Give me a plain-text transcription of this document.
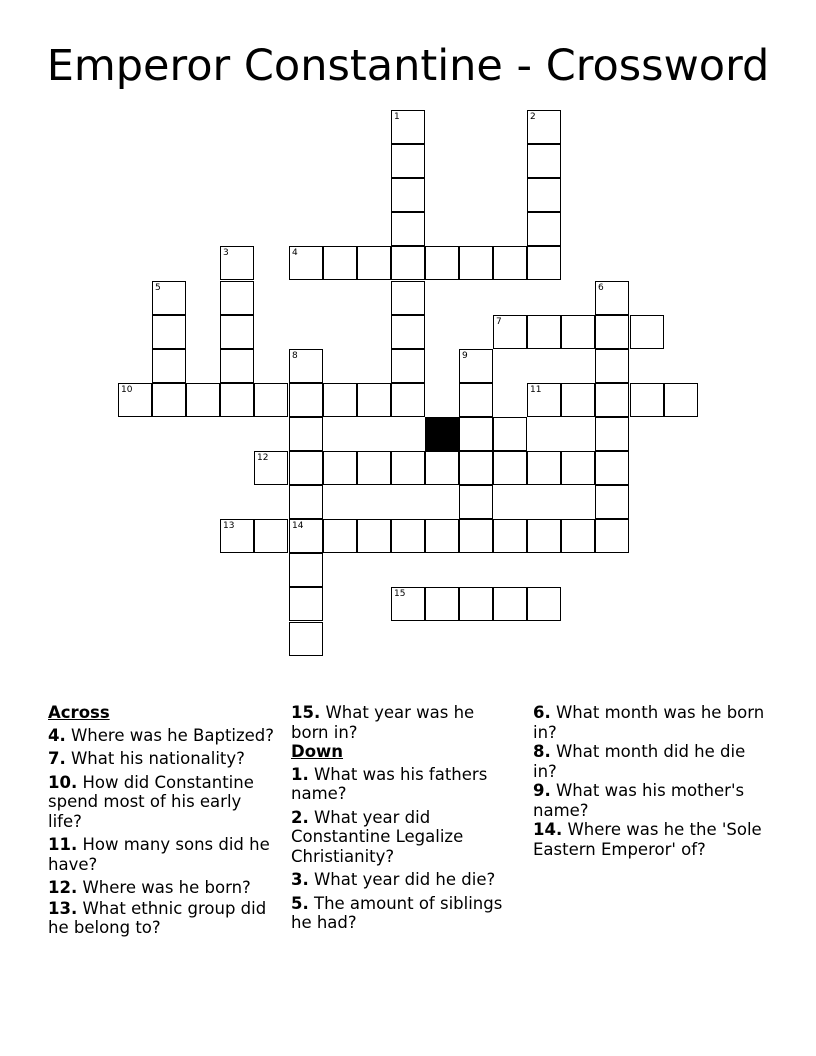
Emperor Constantine - Crossword
1	2
3	4
5	6
7
8	9
10	11
12
13	14
15
Across
4. Where was he Baptized?
7. What his nationality?
10. How did Constantine spend most of his early life?
11. How many sons did he have?
12. Where was he born?
13. What ethnic group did he belong to?
15. What year was he born in?
Down
1. What was his fathers name?
2. What year did Constantine Legalize Christianity?
3. What year did he die?
5. The amount of siblings he had?
6. What month was he born in?
8. What month did he die in?
9. What was his mother's name?
14. Where was he the 'Sole Eastern Emperor' of?
